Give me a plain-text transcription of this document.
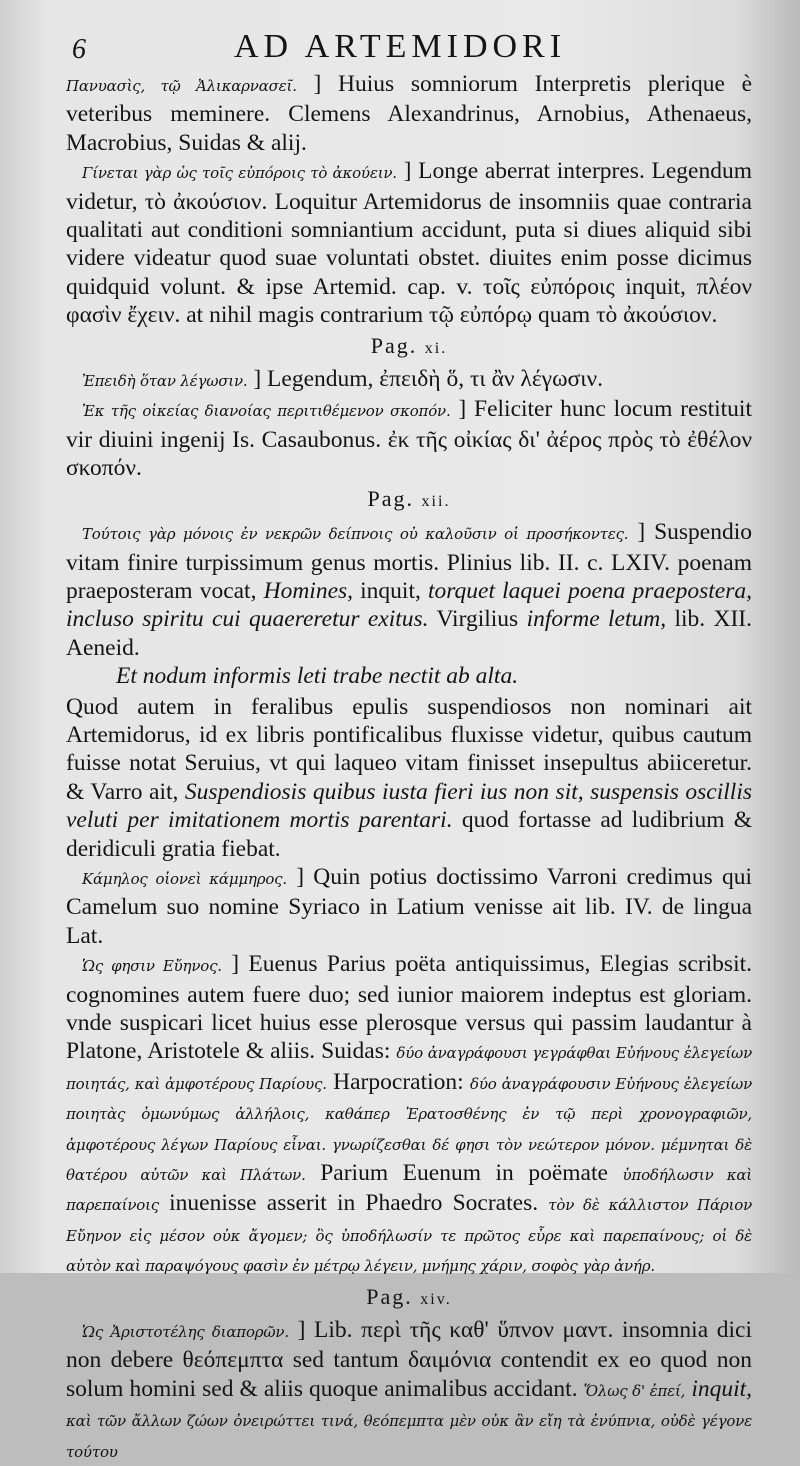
6	AD ARTEMIDORI

Πανυασὶς, τῷ Ἀλικαρνασεῖ. ] Huius somniorum Interpretis plerique è veteribus meminere. Clemens Alexandrinus, Arnobius, Athenaeus, Macrobius, Suidas & alij.

Γίνεται γὰρ ὡς τοῖς εὐπόροις τὸ ἀκούειν. ] Longe aberrat interpres. Legendum videtur, τὸ ἀκούσιον. Loquitur Artemidorus de insomniis quae contraria qualitati aut conditioni somniantium accidunt, puta si diues aliquid sibi videre videatur quod suae voluntati obstet. diuites enim posse dicimus quidquid volunt. & ipse Artemid. cap. v. τοῖς εὐπόροις inquit, πλέον φασὶν ἔχειν. at nihil magis contrarium τῷ εὐπόρῳ quam τὸ ἀκούσιον.

Pag. xi.

Ἐπειδὴ ὅταν λέγωσιν. ] Legendum, ἐπειδὴ ὅ, τι ἂν λέγωσιν.

Ἐκ τῆς οἰκείας διανοίας περιτιθέμενον σκοπόν. ] Feliciter hunc locum restituit vir diuini ingenij Is. Casaubonus. ἐκ τῆς οἰκίας δι' ἀέρος πρὸς τὸ ἐθέλον σκοπόν.

Pag. xii.

Τούτοις γὰρ μόνοις ἐν νεκρῶν δείπνοις οὐ καλοῦσιν οἱ προσήκοντες. ] Suspendio vitam finire turpissimum genus mortis. Plinius lib. II. c. LXIV. poenam praeposteram vocat, Homines, inquit, torquet laquei poena praepostera, incluso spiritu cui quaereretur exitus. Virgilius informe letum, lib. XII. Aeneid.

Et nodum informis leti trabe nectit ab alta.

Quod autem in feralibus epulis suspendiosos non nominari ait Artemidorus, id ex libris pontificalibus fluxisse videtur, quibus cautum fuisse notat Seruius, vt qui laqueo vitam finisset insepultus abiiceretur. & Varro ait, Suspendiosis quibus iusta fieri ius non sit, suspensis oscillis veluti per imitationem mortis parentari. quod fortasse ad ludibrium & deridiculi gratia fiebat.

Κάμηλος οἱονεὶ κάμμηρος. ] Quin potius doctissimo Varroni credimus qui Camelum suo nomine Syriaco in Latium venisse ait lib. IV. de lingua Lat.

Ὡς φησιν Εὔηνος. ] Euenus Parius poëta antiquissimus, Elegias scribsit. cognomines autem fuere duo; sed iunior maiorem indeptus est gloriam. vnde suspicari licet huius esse plerosque versus qui passim laudantur à Platone, Aristotele & aliis. Suidas: δύο ἀναγράφουσι γεγράφθαι Εὐήνους ἐλεγείων ποιητάς, καὶ ἀμφοτέρους Παρίους. Harpocration: δύο ἀναγράφουσιν Εὐήνους ἐλεγείων ποιητὰς ὁμωνύμως ἀλλήλοις, καθάπερ Ἐρατοσθένης ἐν τῷ περὶ χρονογραφιῶν, ἀμφοτέρους λέγων Παρίους εἶναι. γνωρίζεσθαι δέ φησι τὸν νεώτερον μόνον. μέμνηται δὲ θατέρου αὐτῶν καὶ Πλάτων. Parium Euenum in poëmate ὑποδήλωσιν καὶ παρεπαίνοις inuenisse asserit in Phaedro Socrates. τὸν δὲ κάλλιστον Πάριον Εὔηνον εἰς μέσον οὐκ ἄγομεν; ὃς ὑποδήλωσίν τε πρῶτος εὗρε καὶ παρεπαίνους; οἱ δὲ αὐτὸν καὶ παραψόγους φασὶν ἐν μέτρῳ λέγειν, μνήμης χάριν, σοφὸς γὰρ ἀνήρ.

Pag. xiv.

Ὡς Ἀριστοτέλης διαπορῶν. ] Lib. περὶ τῆς καθ' ὕπνον μαντ. insomnia dici non debere θεόπεμπτα sed tantum δαιμόνια contendit ex eo quod non solum homini sed & aliis quoque animalibus accidant. Ὅλως δ' ἐπεί, inquit, καὶ τῶν ἄλλων ζώων ὀνειρώττει τινά, θεόπεμπτα μὲν οὐκ ἂν εἴη τὰ ἐνύπνια, οὐδὲ γέγονε τούτου
